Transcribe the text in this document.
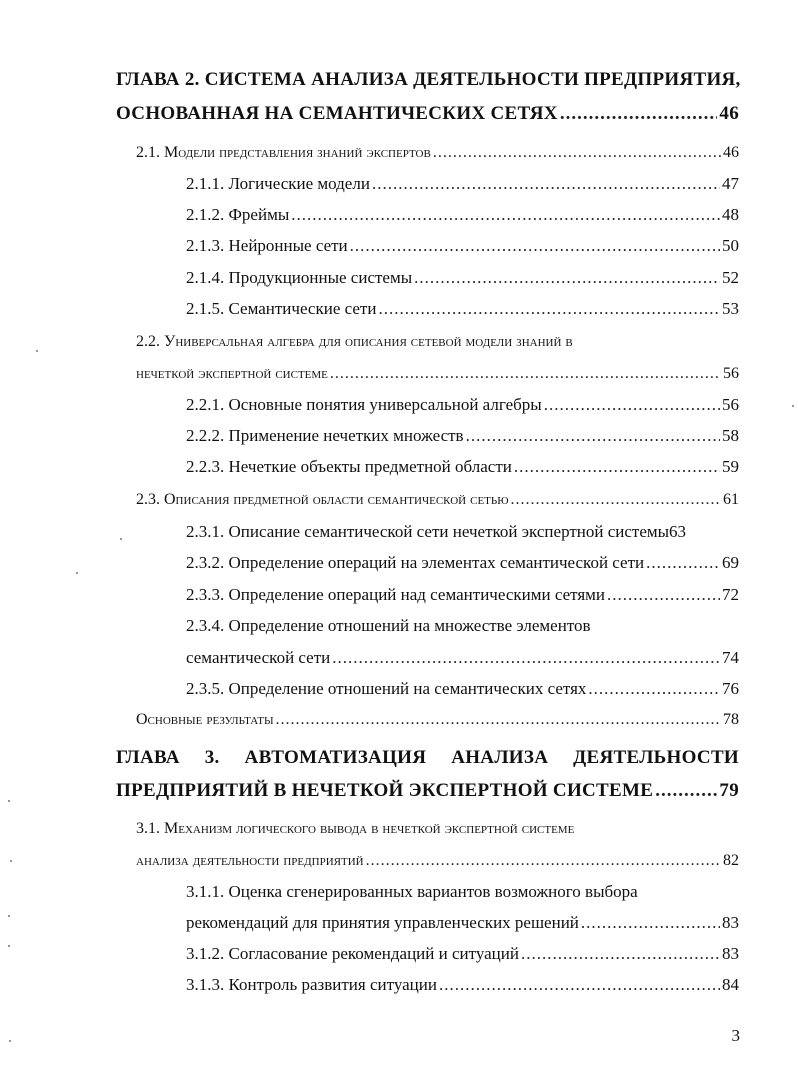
ГЛАВА 2. СИСТЕМА АНАЛИЗА ДЕЯТЕЛЬНОСТИ ПРЕДПРИЯТИЯ,
ОСНОВАННАЯ НА СЕМАНТИЧЕСКИХ СЕТЯХ .....	46
2.1. Модели представления знаний экспертов .....	46
2.1.1. Логические модели .....	47
2.1.2. Фреймы .....	48
2.1.3. Нейронные сети .....	50
2.1.4. Продукционные системы .....	52
2.1.5. Семантические сети .....	53
2.2. Универсальная алгебра для описания сетевой модели знаний в
нечеткой экспертной системе .....	56
2.2.1. Основные понятия универсальной алгебры .....	56
2.2.2. Применение нечетких множеств .....	58
2.2.3. Нечеткие объекты предметной области .....	59
2.3. Описания предметной области семантической сетью .....	61
2.3.1. Описание семантической сети нечеткой экспертной системы63
2.3.2. Определение операций на элементах семантической сети .....	69
2.3.3. Определение операций над семантическими сетями .....	72
2.3.4. Определение отношений на множестве элементов
семантической сети .....	74
2.3.5. Определение отношений на семантических сетях .....	76
Основные результаты .....	78
ГЛАВА 3. АВТОМАТИЗАЦИЯ АНАЛИЗА ДЕЯТЕЛЬНОСТИ
ПРЕДПРИЯТИЙ В НЕЧЕТКОЙ ЭКСПЕРТНОЙ СИСТЕМЕ .....	79
3.1. Механизм логического вывода в нечеткой экспертной системе
анализа деятельности предприятий .....	82
3.1.1. Оценка сгенерированных вариантов возможного выбора
рекомендаций для принятия управленческих решений .....	83
3.1.2. Согласование рекомендаций и ситуаций .....	83
3.1.3. Контроль развития ситуации .....	84
3
